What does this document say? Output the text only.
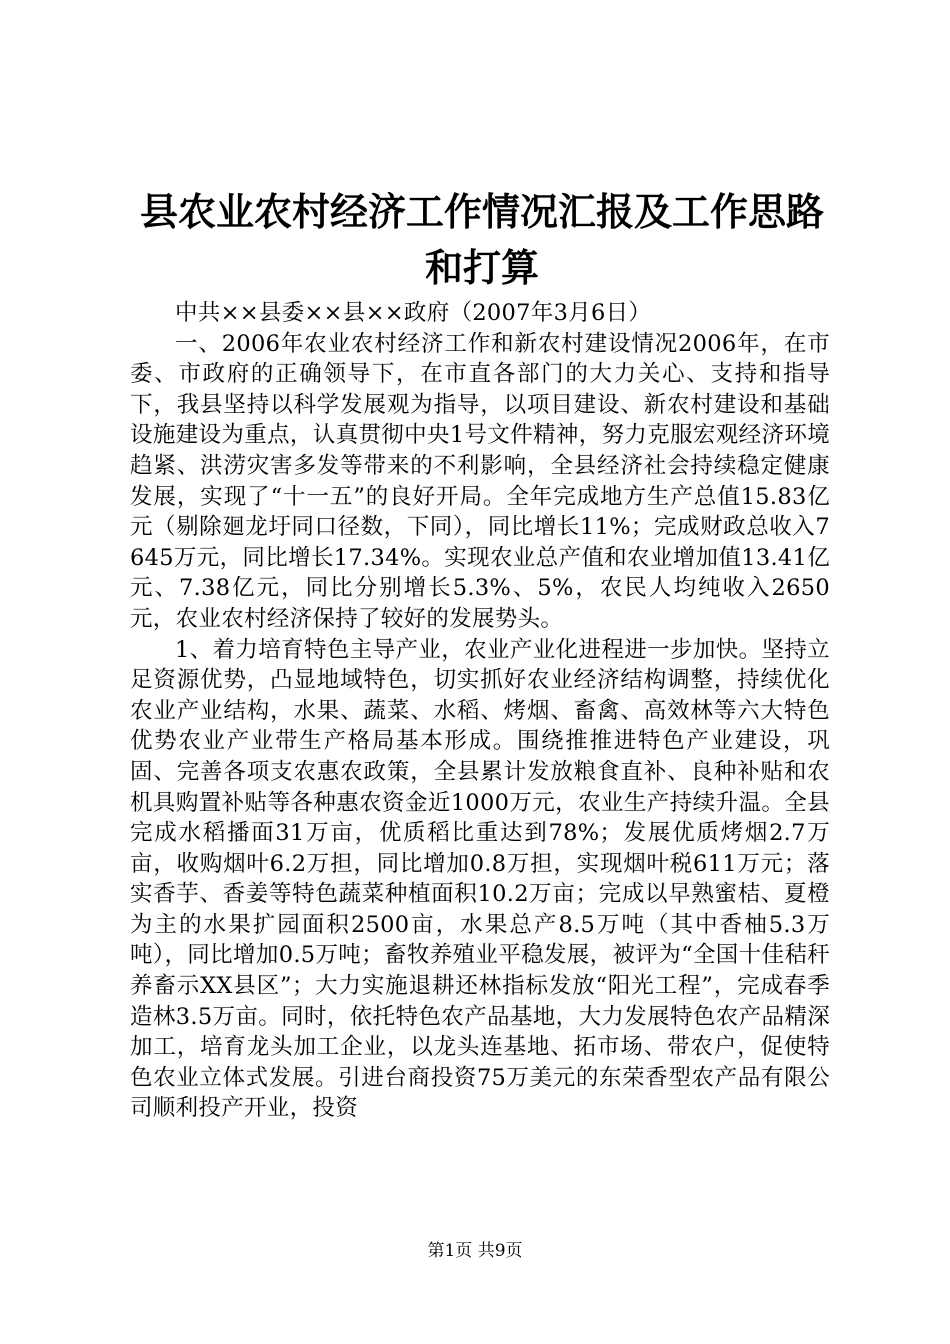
县农业农村经济工作情况汇报及工作思路和打算

中共××县委××县××政府（2007年3月6日）

一、2006年农业农村经济工作和新农村建设情况2006年，在市委、市政府的正确领导下，在市直各部门的大力关心、支持和指导下，我县坚持以科学发展观为指导，以项目建设、新农村建设和基础设施建设为重点，认真贯彻中央1号文件精神，努力克服宏观经济环境趋紧、洪涝灾害多发等带来的不利影响，全县经济社会持续稳定健康发展，实现了“十一五”的良好开局。全年完成地方生产总值15.83亿元（剔除廻龙圩同口径数，下同），同比增长11%；完成财政总收入7645万元，同比增长17.34%。实现农业总产值和农业增加值13.41亿元、7.38亿元，同比分别增长5.3%、5%，农民人均纯收入2650元，农业农村经济保持了较好的发展势头。

1、着力培育特色主导产业，农业产业化进程进一步加快。坚持立足资源优势，凸显地域特色，切实抓好农业经济结构调整，持续优化农业产业结构，水果、蔬菜、水稻、烤烟、畜禽、高效林等六大特色优势农业产业带生产格局基本形成。围绕推推进特色产业建设，巩固、完善各项支农惠农政策，全县累计发放粮食直补、良种补贴和农机具购置补贴等各种惠农资金近1000万元，农业生产持续升温。全县完成水稻播面31万亩，优质稻比重达到78%；发展优质烤烟2.7万亩，收购烟叶6.2万担，同比增加0.8万担，实现烟叶税611万元；落实香芋、香姜等特色蔬菜种植面积10.2万亩；完成以早熟蜜桔、夏橙为主的水果扩园面积2500亩，水果总产8.5万吨（其中香柚5.3万吨），同比增加0.5万吨；畜牧养殖业平稳发展，被评为“全国十佳秸秆养畜示XX县区”；大力实施退耕还林指标发放“阳光工程”，完成春季造林3.5万亩。同时，依托特色农产品基地，大力发展特色农产品精深加工，培育龙头加工企业，以龙头连基地、拓市场、带农户，促使特色农业立体式发展。引进台商投资75万美元的东荣香型农产品有限公司顺利投产开业，投资

第1页 共9页
